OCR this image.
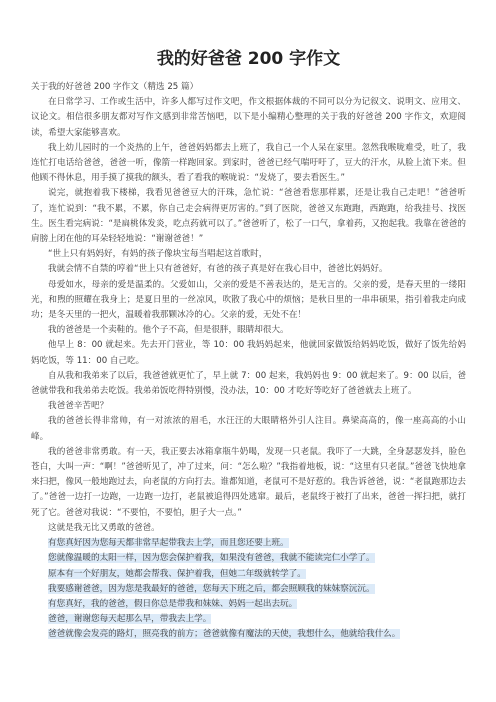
我的好爸爸 200 字作文

关于我的好爸爸 200 字作文（精选 25 篇）

在日常学习、工作或生活中，许多人都写过作文吧，作文根据体裁的不同可以分为记叙文、说明文、应用文、议论文。相信很多朋友都对写作文感到非常苦恼吧，以下是小编精心整理的关于我的好爸爸 200 字作文，欢迎阅读，希望大家能够喜欢。

我上幼儿园时的一个炎热的上午，爸爸妈妈都去上班了，我自己一个人呆在家里。忽然我喉咙难受，吐了，我连忙打电话给爸爸，爸爸一听，像箭一样跑回家。到家时，爸爸已经气喘吁吁了，豆大的汗水，从脸上流下来。但他顾不得休息，用手摸了摸我的额头，看了看我的喉咙说：“发烧了，要去看医生。”

说完，就抱着我下楼梯，我看见爸爸豆大的汗珠，急忙说：“爸爸看您那样累，还是让我自己走吧！”爸爸听了，连忙说到：“我不累，不累，你自己走会病得更厉害的。”到了医院，爸爸又东跑跑，西跑跑，给我挂号、找医生。医生看完病说：“是扁桃体发炎，吃点药就可以了。”爸爸听了，松了一口气，拿着药，又抱起我。我靠在爸爸的肩膀上闭在他的耳朵轻轻地说：“谢谢爸爸！”

“世上只有妈妈好，有妈的孩子像块宝每当唱起这首歌时，

我就会情不自禁的哼着“世上只有爸爸好，有爸的孩子真是好在我心目中，爸爸比妈妈好。

母爱如水，母亲的爱是温柔的。父爱如山，父亲的爱是不善表达的，是无言的。父亲的爱，是春天里的一缕阳光，和煦的照耀在我身上；是夏日里的一丝凉风，吹散了我心中的烦恼；是秋日里的一串串硕果，指引着我走向成功；是冬天里的一把火，温暖着我那颗冰冷的心。父亲的爱，无处不在！

我的爸爸是一个卖鞋的。他个子不高，但是很胖，眼睛却很大。

他早上 8：00 就起来。先去开门营业，等 10：00 我妈妈起来，他就回家做饭给妈妈吃饭，做好了饭先给妈妈吃饭，等 11：00 自己吃。

自从我和我弟来了以后，我爸爸就更忙了，早上就 7：00 起来，我妈妈也 9：00 就起来了。9：00 以后，爸爸就带我和我弟弟去吃饭。我弟弟饭吃得特别慢，没办法，10：00 才吃好等吃好了爸爸就去上班了。

我爸爸辛苦吧？

我的爸爸长得非常帅，有一对浓浓的眉毛，水汪汪的大眼睛格外引人注目。鼻梁高高的，像一座高高的小山峰。

我的爸爸非常勇敢。有一天，我正要去冰箱拿瓶牛奶喝，发现一只老鼠。我吓了一大跳，全身瑟瑟发抖，脸色苍白，大叫一声：“啊！”爸爸听见了，冲了过来，问：“怎么啦？”我指着地板，说：“这里有只老鼠。”爸爸飞快地拿来扫把，像风一般地跑过去，向老鼠的方向打去。谁都知道，老鼠可不是好惹的。我告诉爸爸，说：“老鼠跑那边去了。”爸爸一边打一边跑，一边跑一边打，老鼠被追得四处逃窜。最后，老鼠终于被打了出来，爸爸一挥扫把，就打死了它。爸爸对我说：“不要怕，不要怕，胆子大一点。”

这就是我无比又勇敢的爸爸。

有您真好因为您每天都非常早起带我去上学，而且您还要上班。

您就像温暖的太阳一样，因为您会保护着我，如果没有爸爸，我就不能读完仁小学了。

原本有一个好朋友，她都会帮我、保护着我，但她二年级就转学了。

我要感谢爸爸，因为您是我最好的爸爸，您每天下班之后，都会照顾我的妹妹察沅沅。

有您真好，我的爸爸，假日你总是带我和妹妹、妈妈一起出去玩。

爸爸，谢谢您每天起那么早，带我去上学。

爸爸就像会发亮的路灯，照亮我的前方；爸爸就像有魔法的天使，我想什么，他就给我什么。
